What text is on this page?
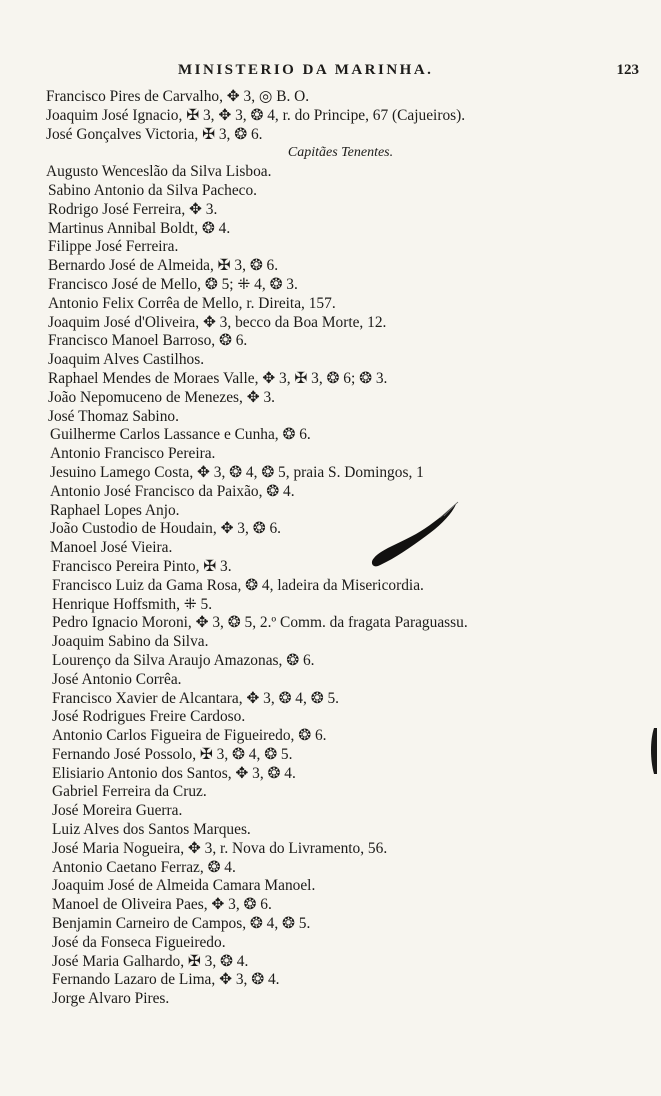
MINISTERIO DA MARINHA.	123
Francisco Pires de Carvalho, ✥ 3, ◎ B. O.
Joaquim José Ignacio, ✠ 3, ✥ 3, ❂ 4, r. do Principe, 67 (Cajueiros).
José Gonçalves Victoria, ✠ 3, ❂ 6.
Capitães Tenentes.
Augusto Wenceslão da Silva Lisboa.
Sabino Antonio da Silva Pacheco.
Rodrigo José Ferreira, ✥ 3.
Martinus Annibal Boldt, ❂ 4.
Filippe José Ferreira.
Bernardo José de Almeida, ✠ 3, ❂ 6.
Francisco José de Mello, ❂ 5; ⁜ 4, ❂ 3.
Antonio Felix Corrêa de Mello, r. Direita, 157.
Joaquim José d'Oliveira, ✥ 3, becco da Boa Morte, 12.
Francisco Manoel Barroso, ❂ 6.
Joaquim Alves Castilhos.
Raphael Mendes de Moraes Valle, ✥ 3, ✠ 3, ❂ 6; ❂ 3.
João Nepomuceno de Menezes, ✥ 3.
José Thomaz Sabino.
Guilherme Carlos Lassance e Cunha, ❂ 6.
Antonio Francisco Pereira.
Jesuino Lamego Costa, ✥ 3, ❂ 4, ❂ 5, praia S. Domingos, 1
Antonio José Francisco da Paixão, ❂ 4.
Raphael Lopes Anjo.
João Custodio de Houdain, ✥ 3, ❂ 6.
Manoel José Vieira.
Francisco Pereira Pinto, ✠ 3.
Francisco Luiz da Gama Rosa, ❂ 4, ladeira da Misericordia.
Henrique Hoffsmith, ⁜ 5.
Pedro Ignacio Moroni, ✥ 3, ❂ 5, 2.º Comm. da fragata Paraguassu.
Joaquim Sabino da Silva.
Lourenço da Silva Araujo Amazonas, ❂ 6.
José Antonio Corrêa.
Francisco Xavier de Alcantara, ✥ 3, ❂ 4, ❂ 5.
José Rodrigues Freire Cardoso.
Antonio Carlos Figueira de Figueiredo, ❂ 6.
Fernando José Possolo, ✠ 3, ❂ 4, ❂ 5.
Elisiario Antonio dos Santos, ✥ 3, ❂ 4.
Gabriel Ferreira da Cruz.
José Moreira Guerra.
Luiz Alves dos Santos Marques.
José Maria Nogueira, ✥ 3, r. Nova do Livramento, 56.
Antonio Caetano Ferraz, ❂ 4.
Joaquim José de Almeida Camara Manoel.
Manoel de Oliveira Paes, ✥ 3, ❂ 6.
Benjamin Carneiro de Campos, ❂ 4, ❂ 5.
José da Fonseca Figueiredo.
José Maria Galhardo, ✠ 3, ❂ 4.
Fernando Lazaro de Lima, ✥ 3, ❂ 4.
Jorge Alvaro Pires.
